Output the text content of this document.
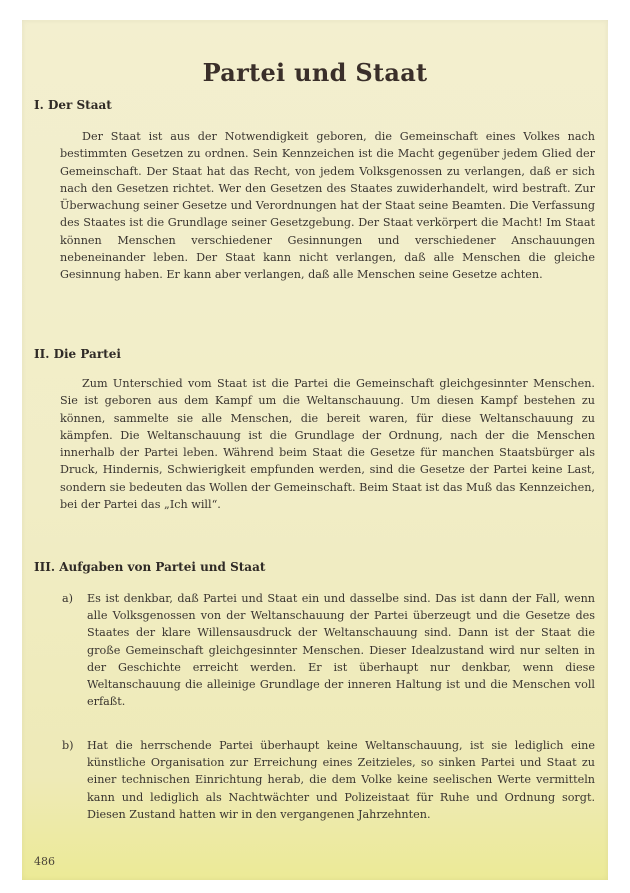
Partei und Staat
I. Der Staat

Der Staat ist aus der Notwendigkeit geboren, die Gemeinschaft eines Volkes nach bestimmten Gesetzen zu ordnen. Sein Kennzeichen ist die Macht gegenüber jedem Glied der Gemeinschaft. Der Staat hat das Recht, von jedem Volksgenossen zu verlangen, daß er sich nach den Gesetzen richtet. Wer den Gesetzen des Staates zuwiderhandelt, wird bestraft. Zur Überwachung seiner Gesetze und Verordnungen hat der Staat seine Beamten. Die Verfassung des Staates ist die Grundlage seiner Gesetzgebung. Der Staat verkörpert die Macht! Im Staat können Menschen verschiedener Gesinnungen und verschiedener Anschauungen nebeneinander leben. Der Staat kann nicht verlangen, daß alle Menschen die gleiche Gesinnung haben. Er kann aber verlangen, daß alle Menschen seine Gesetze achten.

II. Die Partei

Zum Unterschied vom Staat ist die Partei die Gemeinschaft gleichgesinnter Menschen. Sie ist geboren aus dem Kampf um die Weltanschauung. Um diesen Kampf bestehen zu können, sammelte sie alle Menschen, die bereit waren, für diese Weltanschauung zu kämpfen. Die Weltanschauung ist die Grundlage der Ordnung, nach der die Menschen innerhalb der Partei leben. Während beim Staat die Gesetze für manchen Staatsbürger als Druck, Hindernis, Schwierigkeit empfunden werden, sind die Gesetze der Partei keine Last, sondern sie bedeuten das Wollen der Gemeinschaft. Beim Staat ist das Muß das Kennzeichen, bei der Partei das „Ich will“.

III. Aufgaben von Partei und Staat
a) Es ist denkbar, daß Partei und Staat ein und dasselbe sind. Das ist dann der Fall, wenn alle Volksgenossen von der Weltanschauung der Partei überzeugt und die Gesetze des Staates der klare Willensausdruck der Weltanschauung sind. Dann ist der Staat die große Gemeinschaft gleichgesinnter Menschen. Dieser Idealzustand wird nur selten in der Geschichte erreicht werden. Er ist überhaupt nur denkbar, wenn diese Weltanschauung die alleinige Grundlage der inneren Haltung ist und die Menschen voll erfaßt.
b) Hat die herrschende Partei überhaupt keine Weltanschauung, ist sie lediglich eine künstliche Organisation zur Erreichung eines Zeitzieles, so sinken Partei und Staat zu einer technischen Einrichtung herab, die dem Volke keine seelischen Werte vermitteln kann und lediglich als Nachtwächter und Polizeistaat für Ruhe und Ordnung sorgt. Diesen Zustand hatten wir in den vergangenen Jahrzehnten.
486
